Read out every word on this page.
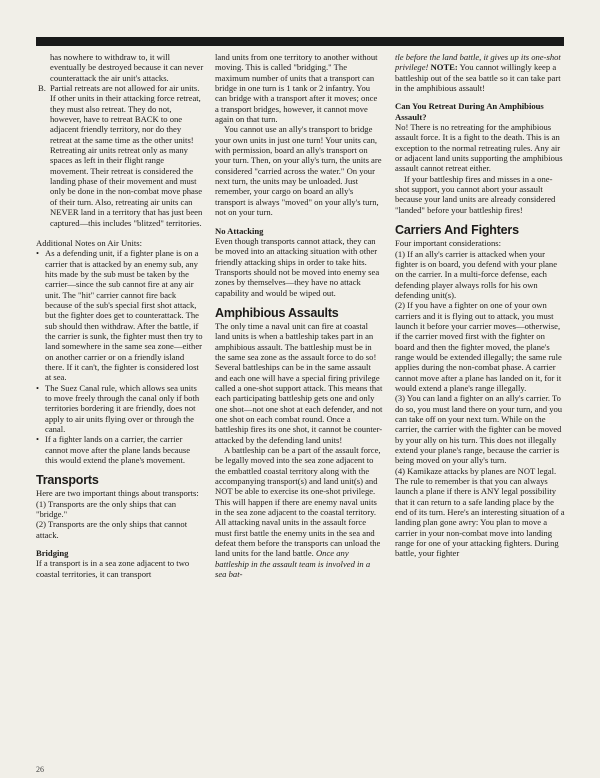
has nowhere to withdraw to, it will eventually be destroyed because it can never counterattack the air unit's attacks.

B. Partial retreats are not allowed for air units. If other units in their attacking force retreat, they must also retreat. They do not, however, have to retreat BACK to one adjacent friendly territory, nor do they retreat at the same time as the other units! Retreating air units retreat only as many spaces as left in their flight range movement. Their retreat is considered the landing phase of their movement and must only be done in the non-combat move phase of their turn. Also, retreating air units can NEVER land in a territory that has just been captured—this includes "blitzed" territories.

Additional Notes on Air Units:

• As a defending unit, if a fighter plane is on a carrier that is attacked by an enemy sub, any hits made by the sub must be taken by the carrier—since the sub cannot fire at any air unit. The "hit" carrier cannot fire back because of the sub's special first shot attack, but the fighter does get to counterattack. The sub should then withdraw. After the battle, if the carrier is sunk, the fighter must then try to land somewhere in the same sea zone—either on another carrier or on a friendly island there. If it can't, the fighter is considered lost at sea.

• The Suez Canal rule, which allows sea units to move freely through the canal only if both territories bordering it are friendly, does not apply to air units flying over or through the canal.

• If a fighter lands on a carrier, the carrier cannot move after the plane lands because this would extend the plane's movement.

Transports

Here are two important things about transports:

(1) Transports are the only ships that can "bridge."

(2) Transports are the only ships that cannot attack.

Bridging

If a transport is in a sea zone adjacent to two coastal territories, it can transport

land units from one territory to another without moving. This is called "bridging." The maximum number of units that a transport can bridge in one turn is 1 tank or 2 infantry. You can bridge with a transport after it moves; once a transport bridges, however, it cannot move again on that turn.

You cannot use an ally's transport to bridge your own units in just one turn! Your units can, with permission, board an ally's transport on your turn. Then, on your ally's turn, the units are considered "carried across the water." On your next turn, the units may be unloaded. Just remember, your cargo on board an ally's transport is always "moved" on your ally's turn, not on your turn.

No Attacking

Even though transports cannot attack, they can be moved into an attacking situation with other friendly attacking ships in order to take hits. Transports should not be moved into enemy sea zones by themselves—they have no attack capability and would be wiped out.

Amphibious Assaults

The only time a naval unit can fire at coastal land units is when a battleship takes part in an amphibious assault. The battleship must be in the same sea zone as the assault force to do so! Several battleships can be in the same assault and each one will have a special firing privilege called a one-shot support attack. This means that each participating battleship gets one and only one shot—not one shot at each defender, and not one shot on each combat round. Once a battleship fires its one shot, it cannot be counter-attacked by the defending land units!

A battleship can be a part of the assault force, be legally moved into the sea zone adjacent to the embattled coastal territory along with the accompanying transport(s) and land unit(s) and NOT be able to exercise its one-shot privilege. This will happen if there are enemy naval units in the sea zone adjacent to the coastal territory. All attacking naval units in the assault force must first battle the enemy units in the sea and defeat them before the transports can unload the land units for the land battle. Once any battleship in the assault team is involved in a sea bat-

tle before the land battle, it gives up its one-shot privilege! NOTE: You cannot willingly keep a battleship out of the sea battle so it can take part in the amphibious assault!

Can You Retreat During An Amphibious Assault?

No! There is no retreating for the amphibious assault force. It is a fight to the death. This is an exception to the normal retreating rules. Any air or adjacent land units supporting the amphibious assault cannot retreat either.

If your battleship fires and misses in a one-shot support, you cannot abort your assault because your land units are already considered "landed" before your battleship fires!

Carriers And Fighters

Four important considerations:

(1) If an ally's carrier is attacked when your fighter is on board, you defend with your plane on the carrier. In a multi-force defense, each defending player always rolls for his own defending unit(s).

(2) If you have a fighter on one of your own carriers and it is flying out to attack, you must launch it before your carrier moves—otherwise, if the carrier moved first with the fighter on board and then the fighter moved, the plane's range would be extended illegally; the same rule applies during the non-combat phase. A carrier cannot move after a plane has landed on it, for it would extend a plane's range illegally.

(3) You can land a fighter on an ally's carrier. To do so, you must land there on your turn, and you can take off on your next turn. While on the carrier, the carrier with the fighter can be moved by your ally on his turn. This does not illegally extend your plane's range, because the carrier is being moved on your ally's turn.

(4) Kamikaze attacks by planes are NOT legal. The rule to remember is that you can always launch a plane if there is ANY legal possibility that it can return to a safe landing place by the end of its turn. Here's an interesting situation of a landing plan gone awry: You plan to move a carrier in your non-combat move into landing range for one of your attacking fighters. During battle, your fighter

26
